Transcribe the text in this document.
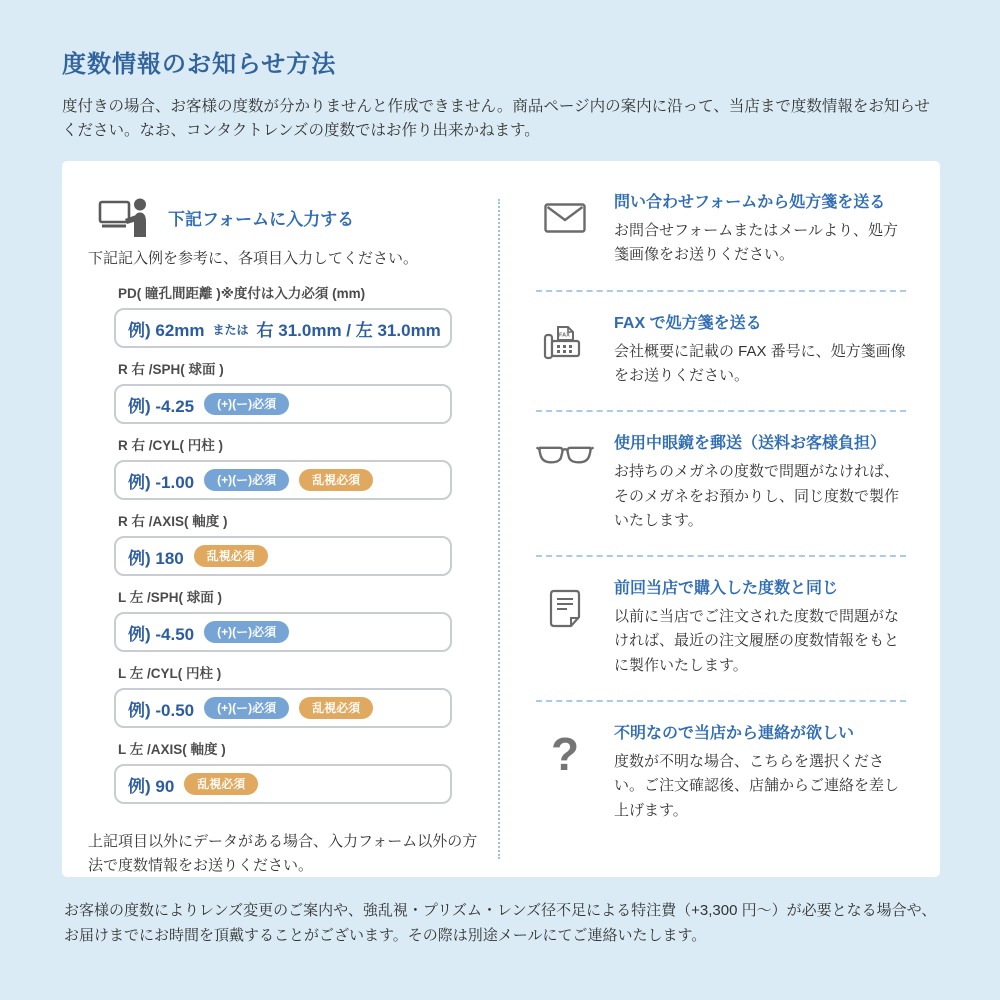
度数情報のお知らせ方法

度付きの場合、お客様の度数が分かりませんと作成できません。商品ページ内の案内に沿って、当店まで度数情報をお知らせください。なお、コンタクトレンズの度数ではお作り出来かねます。

下記フォームに入力する

下記記入例を参考に、各項目入力してください。

PD( 瞳孔間距離 )※度付は入力必須 (mm)
例) 62mm または 右 31.0mm / 左 31.0mm
R 右 /SPH( 球面 )
例) -4.25	(+)(ー)必須
R 右 /CYL( 円柱 )
例) -1.00	(+)(ー)必須	乱視必須
R 右 /AXIS( 軸度 )
例) 180	乱視必須
L 左 /SPH( 球面 )
例) -4.50	(+)(ー)必須
L 左 /CYL( 円柱 )
例) -0.50	(+)(ー)必須	乱視必須
L 左 /AXIS( 軸度 )
例) 90	乱視必須

上記項目以外にデータがある場合、入力フォーム以外の方法で度数情報をお送りください。

問い合わせフォームから処方箋を送る
お問合せフォームまたはメールより、処方箋画像をお送りください。
FAX
FAX で処方箋を送る
会社概要に記載の FAX 番号に、処方箋画像をお送りください。
使用中眼鏡を郵送（送料お客様負担）
お持ちのメガネの度数で問題がなければ、そのメガネをお預かりし、同じ度数で製作いたします。
前回当店で購入した度数と同じ
以前に当店でご注文された度数で問題がなければ、最近の注文履歴の度数情報をもとに製作いたします。
? 不明なので当店から連絡が欲しい
度数が不明な場合、こちらを選択ください。ご注文確認後、店舗からご連絡を差し上げます。

お客様の度数によりレンズ変更のご案内や、強乱視・プリズム・レンズ径不足による特注費（+3,300 円〜）が必要となる場合や、お届けまでにお時間を頂戴することがございます。その際は別途メールにてご連絡いたします。
